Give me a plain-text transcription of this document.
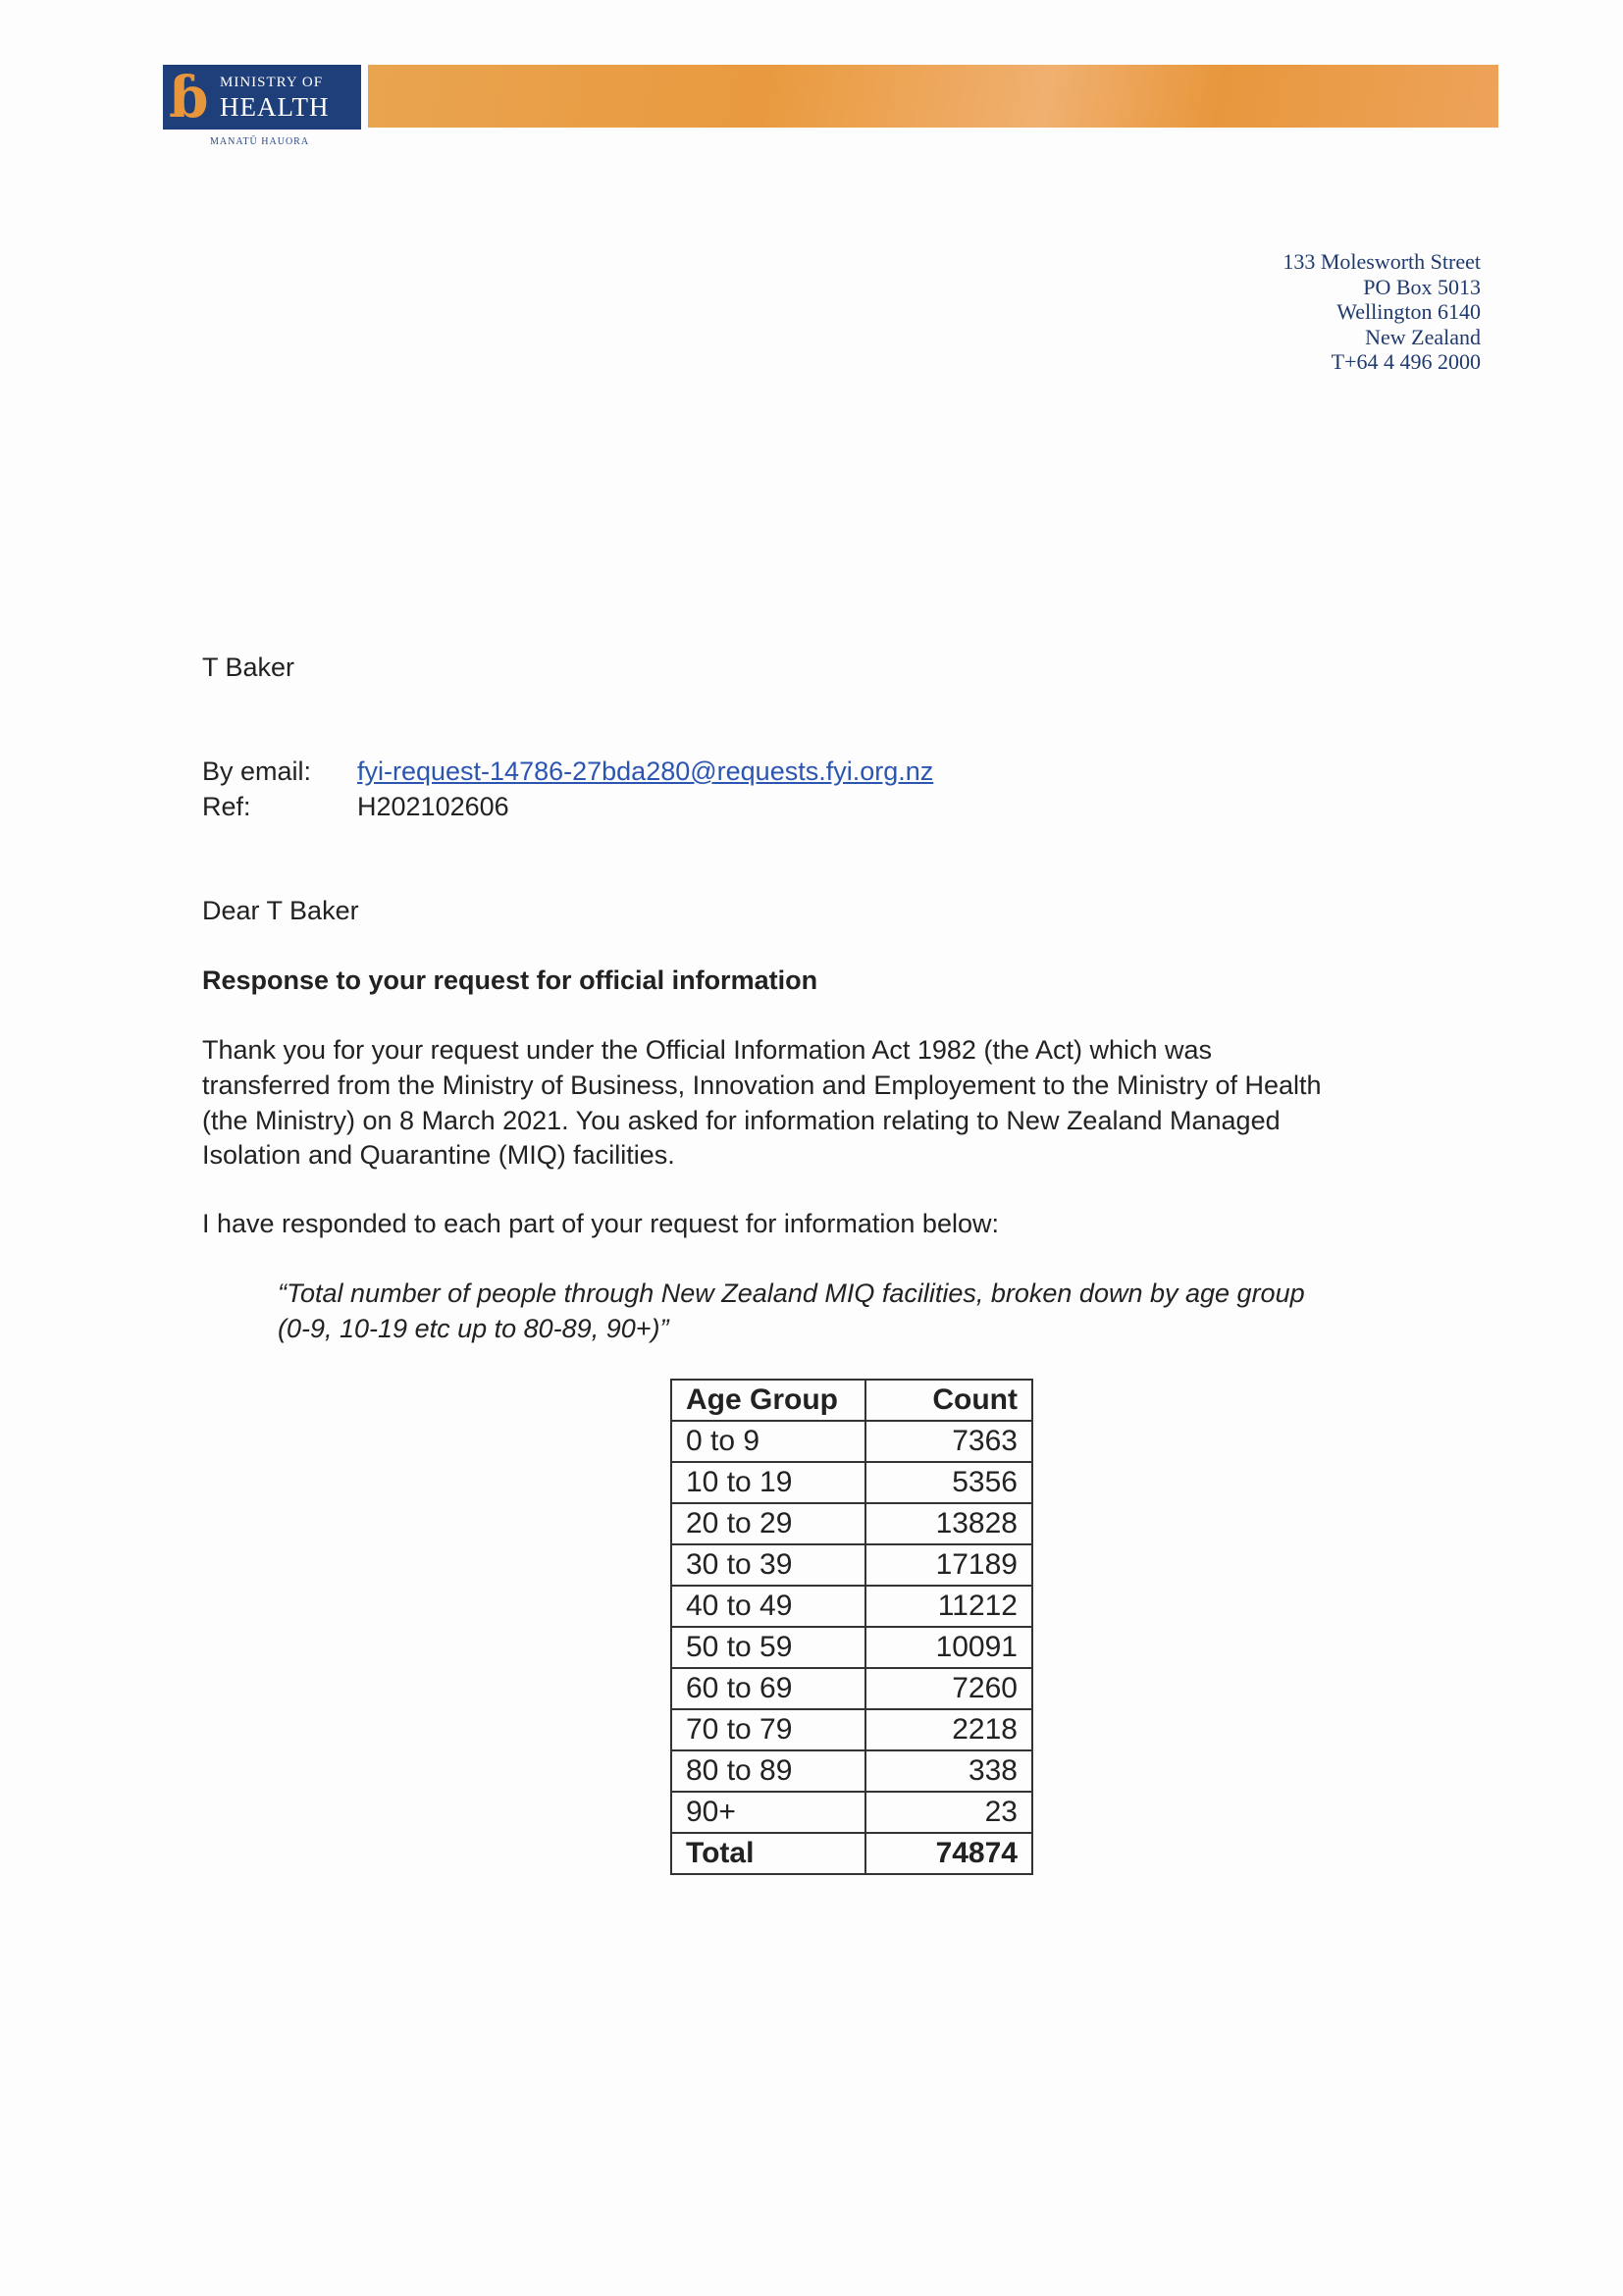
ɓ MINISTRY OF
HEALTH
MANATŪ HAUORA
133 Molesworth Street
PO Box 5013
Wellington 6140
New Zealand
T+64 4 496 2000
T Baker
By email: fyi-request-14786-27bda280@requests.fyi.org.nz
Ref:	H202102606
Dear T Baker
Response to your request for official information
Thank you for your request under the Official Information Act 1982 (the Act) which was
transferred from the Ministry of Business, Innovation and Employement to the Ministry of Health
(the Ministry) on 8 March 2021. You asked for information relating to New Zealand Managed
Isolation and Quarantine (MIQ) facilities.
I have responded to each part of your request for information below:
“Total number of people through New Zealand MIQ facilities, broken down by age group
(0-9, 10-19 etc up to 80-89, 90+)”
Age Group	Count
0 to 9	7363
10 to 19	5356
20 to 29	13828
30 to 39	17189
40 to 49	11212
50 to 59	10091
60 to 69	7260
70 to 79	2218
80 to 89	338
90+	23
Total	74874
